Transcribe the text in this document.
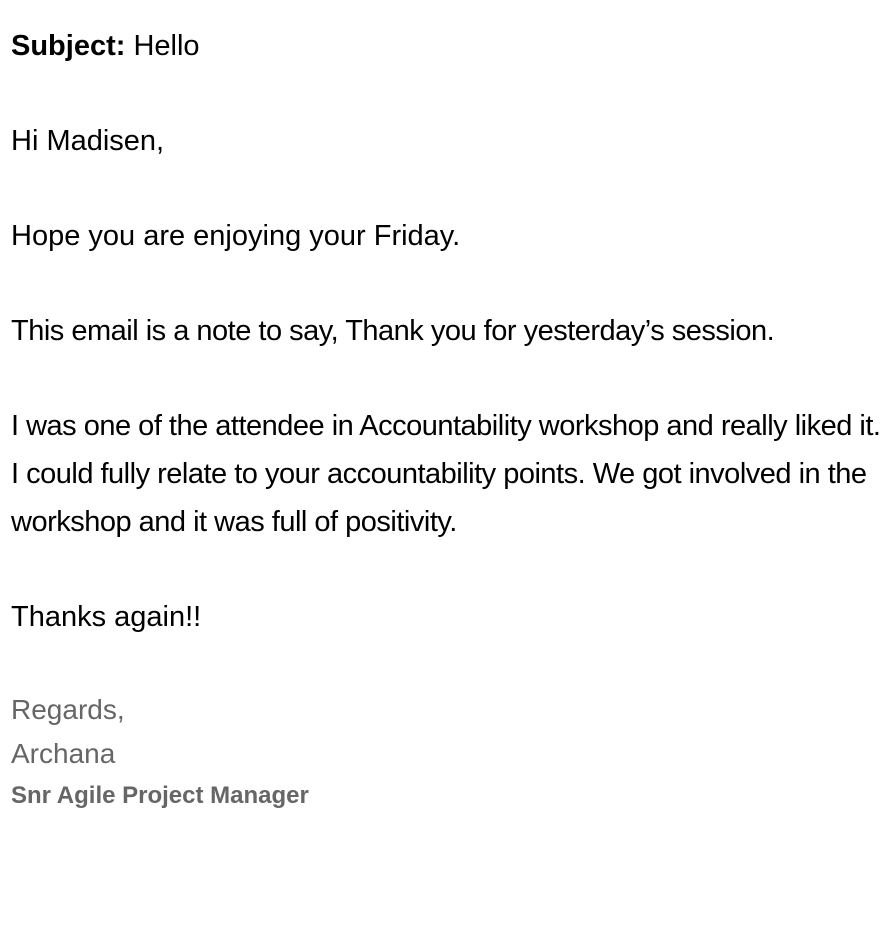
Subject: Hello

Hi Madisen,

Hope you are enjoying your Friday.

This email is a note to say, Thank you for yesterday’s session.

I was one of the attendee in Accountability workshop and really liked it. I could fully relate to your accountability points. We got involved in the workshop and it was full of positivity.

Thanks again!!

Regards,

Archana

Snr Agile Project Manager
